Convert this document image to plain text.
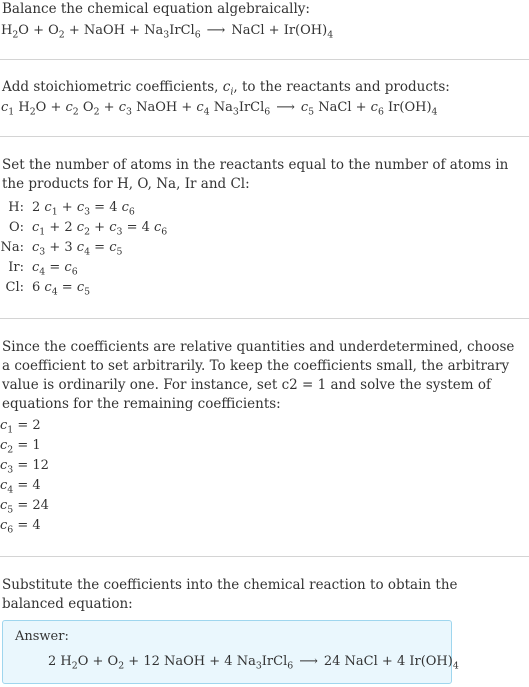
Balance the chemical equation algebraically:

$H_2O + O_2$ + NaOH + $Na_3IrCl_6$ ⟶ NaCl + $Ir(OH)_4$

Add stoichiometric coefficients, $c_i$, to the reactants and products:

$c_1$ $H_2O + c_2$ $O_2 + c_3$ NaOH + $c_4$ $Na_3IrCl_6$ ⟶ $c_5$ NaCl + $c_6$ $Ir(OH)_4$

Set the number of atoms in the reactants equal to the number of atoms in the products for H, O, Na, Ir and Cl:

H:	2 $c_1 + c_3 = 4$ $c_6$
O:	$c_1 + 2$ $c_2 + c_3 = 4$ $c_6$
Na:	$c_3 + 3$ $c_4 = c_5$
Ir:	$c_4 = c_6$
Cl:	6 $c_4 = c_5$

Since the coefficients are relative quantities and underdetermined, choose a coefficient to set arbitrarily. To keep the coefficients small, the arbitrary value is ordinarily one. For instance, set c2 = 1 and solve the system of equations for the remaining coefficients:

$c_1 = 2$
$c_2 = 1$
$c_3 = 12$
$c_4 = 4$
$c_5 = 24$
$c_6 = 4$

Substitute the coefficients into the chemical reaction to obtain the balanced equation:

Answer:
2 $H_2O + O_2 + 12$ NaOH + 4 $Na_3IrCl_6$ ⟶ 24 NaCl + 4 $Ir(OH)_4$
